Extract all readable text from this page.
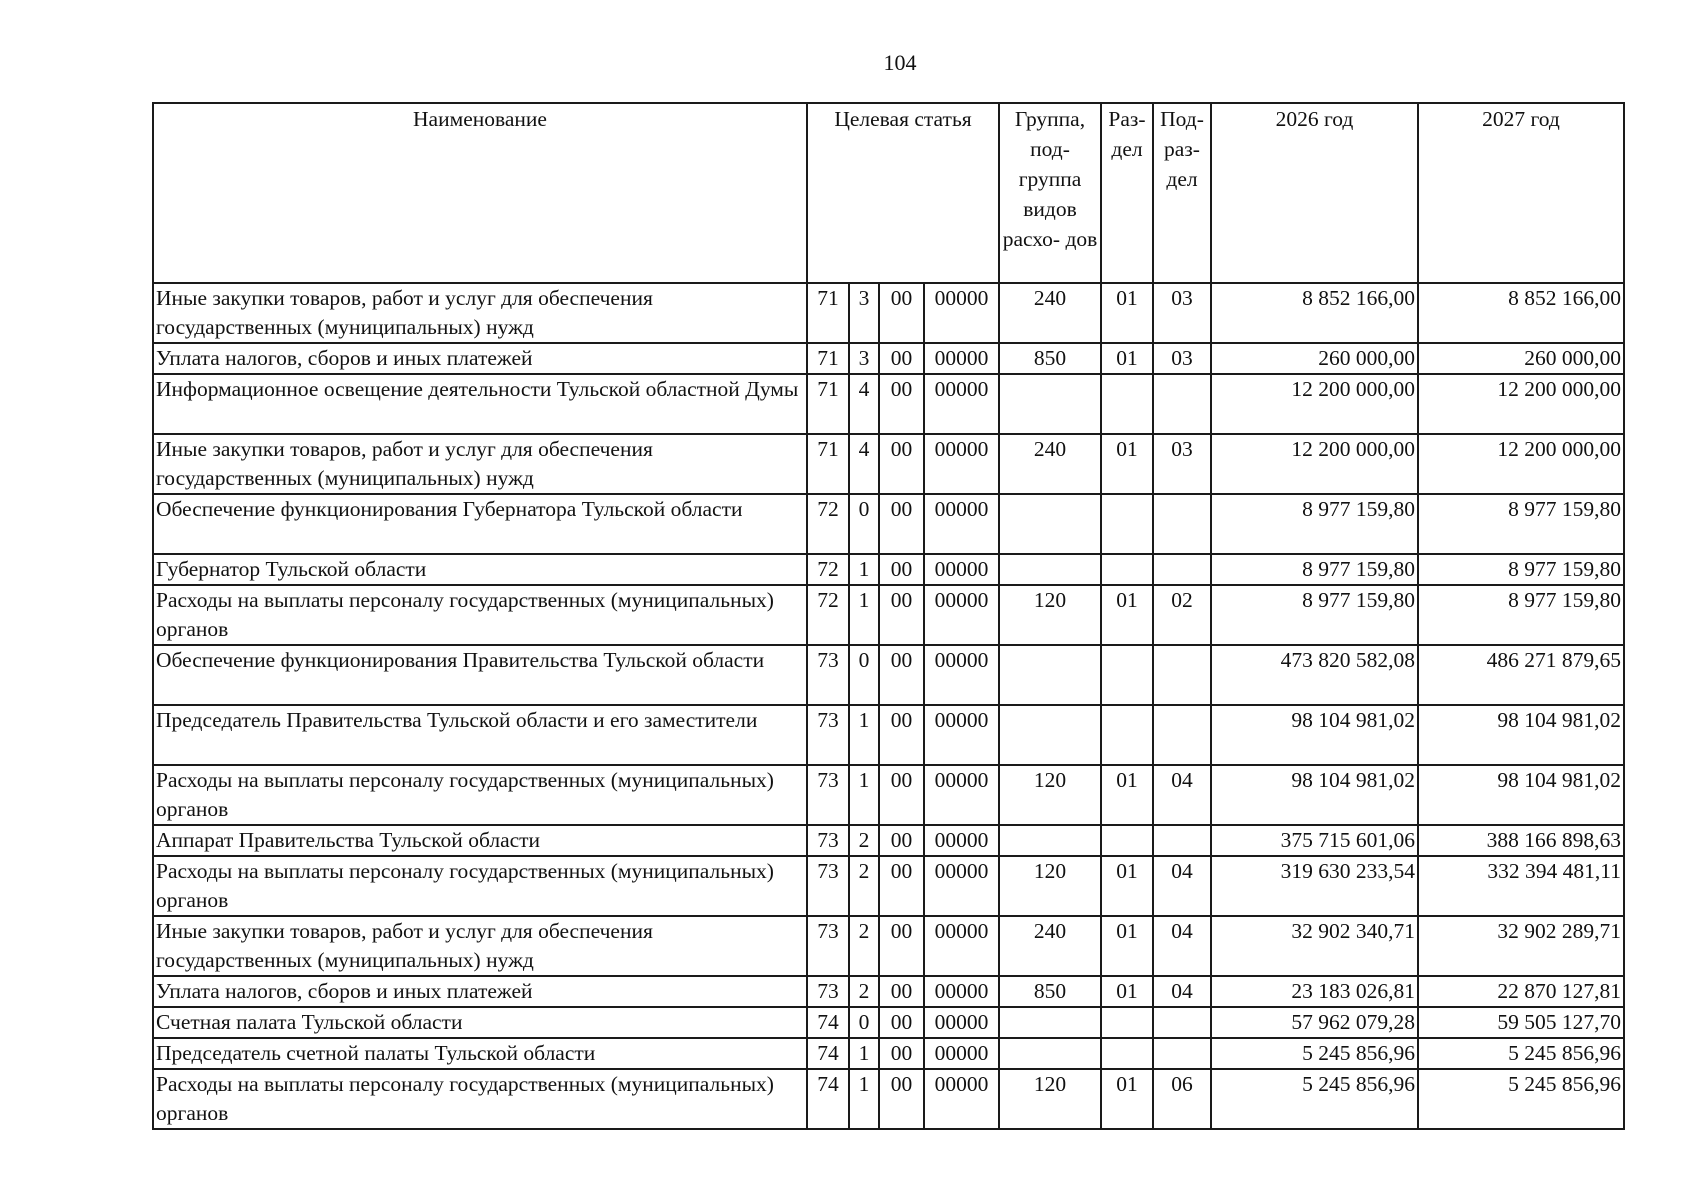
104
Наименование	Целевая статья				Группа, под- группа видов расхо- дов	Раз- дел	Под- раз- дел	2026 год	2027 год
Иные закупки товаров, работ и услуг для обеспечения государственных (муниципальных) нужд	71	3	00	00000	240	01	03	8 852 166,00	8 852 166,00
Уплата налогов, сборов и иных платежей	71	3	00	00000	850	01	03	260 000,00	260 000,00
Информационное освещение деятельности Тульской областной Думы	71	4	00	00000				12 200 000,00	12 200 000,00
Иные закупки товаров, работ и услуг для обеспечения государственных (муниципальных) нужд	71	4	00	00000	240	01	03	12 200 000,00	12 200 000,00
Обеспечение функционирования Губернатора Тульской области	72	0	00	00000				8 977 159,80	8 977 159,80
Губернатор Тульской области	72	1	00	00000				8 977 159,80	8 977 159,80
Расходы на выплаты персоналу государственных (муниципальных) органов	72	1	00	00000	120	01	02	8 977 159,80	8 977 159,80
Обеспечение функционирования Правительства Тульской области	73	0	00	00000				473 820 582,08	486 271 879,65
Председатель Правительства Тульской области и его заместители	73	1	00	00000				98 104 981,02	98 104 981,02
Расходы на выплаты персоналу государственных (муниципальных) органов	73	1	00	00000	120	01	04	98 104 981,02	98 104 981,02
Аппарат Правительства Тульской области	73	2	00	00000				375 715 601,06	388 166 898,63
Расходы на выплаты персоналу государственных (муниципальных) органов	73	2	00	00000	120	01	04	319 630 233,54	332 394 481,11
Иные закупки товаров, работ и услуг для обеспечения государственных (муниципальных) нужд	73	2	00	00000	240	01	04	32 902 340,71	32 902 289,71
Уплата налогов, сборов и иных платежей	73	2	00	00000	850	01	04	23 183 026,81	22 870 127,81
Счетная палата Тульской области	74	0	00	00000				57 962 079,28	59 505 127,70
Председатель счетной палаты Тульской области	74	1	00	00000				5 245 856,96	5 245 856,96
Расходы на выплаты персоналу государственных (муниципальных) органов	74	1	00	00000	120	01	06	5 245 856,96	5 245 856,96
